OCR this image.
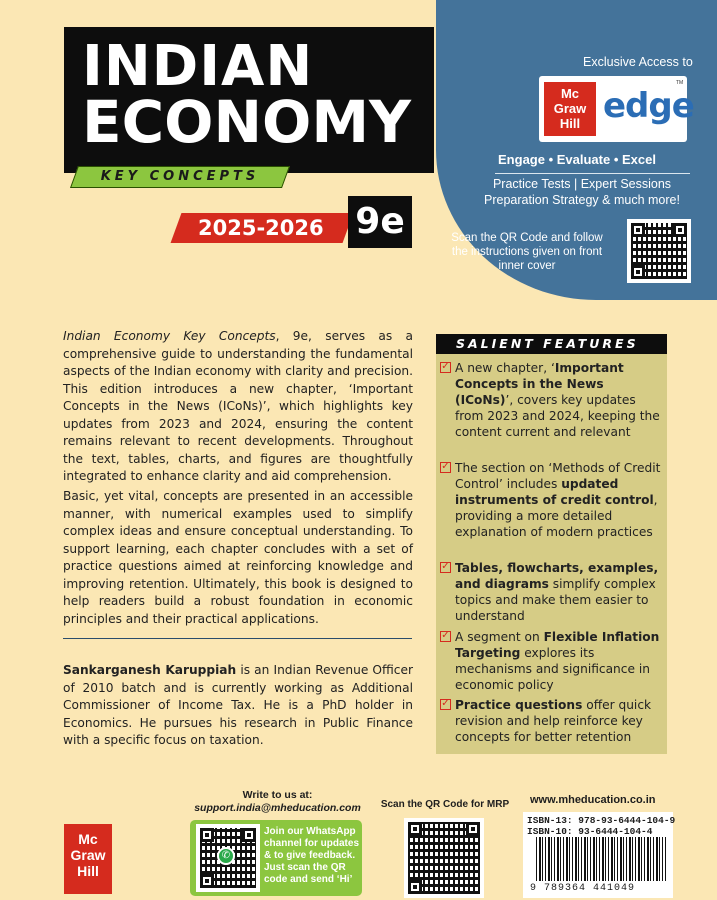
INDIAN
ECONOMY
KEY CONCEPTS
2025-2026 9e
Exclusive Access to
Mc Graw Hill edge
TM
Engage • Evaluate • Excel
Practice Tests | Expert Sessions
Preparation Strategy & much more!
Scan the QR Code and follow the instructions given on front inner cover
Indian Economy Key Concepts, 9e, serves as a comprehensive guide to understanding the fundamental aspects of the Indian economy with clarity and precision. This edition introduces a new chapter, ‘Important Concepts in the News (ICoNs)’, which highlights key updates from 2023 and 2024, ensuring the content remains relevant to recent developments. Throughout the text, tables, charts, and figures are thoughtfully integrated to enhance clarity and aid comprehension.
Basic, yet vital, concepts are presented in an accessible manner, with numerical examples used to simplify complex ideas and ensure conceptual understanding. To support learning, each chapter concludes with a set of practice questions aimed at reinforcing knowledge and improving retention. Ultimately, this book is designed to help readers build a robust foundation in economic principles and their practical applications.
Sankarganesh Karuppiah is an Indian Revenue Officer of 2010 batch and is currently working as Additional Commissioner of Income Tax. He is a PhD holder in Economics. He pursues his research in Public Finance with a specific focus on taxation.
SALIENT FEATURES
✓ A new chapter, ‘Important Concepts in the News (ICoNs)’, covers key updates from 2023 and 2024, keeping the content current and relevant
✓ The section on ‘Methods of Credit Control’ includes updated instruments of credit control, providing a more detailed explanation of modern practices
✓ Tables, flowcharts, examples, and diagrams simplify complex topics and make them easier to understand
✓ A segment on Flexible Inflation Targeting explores its mechanisms and significance in economic policy
✓ Practice questions offer quick revision and help reinforce key concepts for better retention
Mc Graw Hill
Write to us at:
support.india@mheducation.com
✆
Join our WhatsApp channel for updates & to give feedback. Just scan the QR code and send ‘Hi’
Scan the QR Code for MRP www.mheducation.co.in
ISBN-13: 978-93-6444-104-9
ISBN-10: 93-6444-104-4
9 789364 441049
